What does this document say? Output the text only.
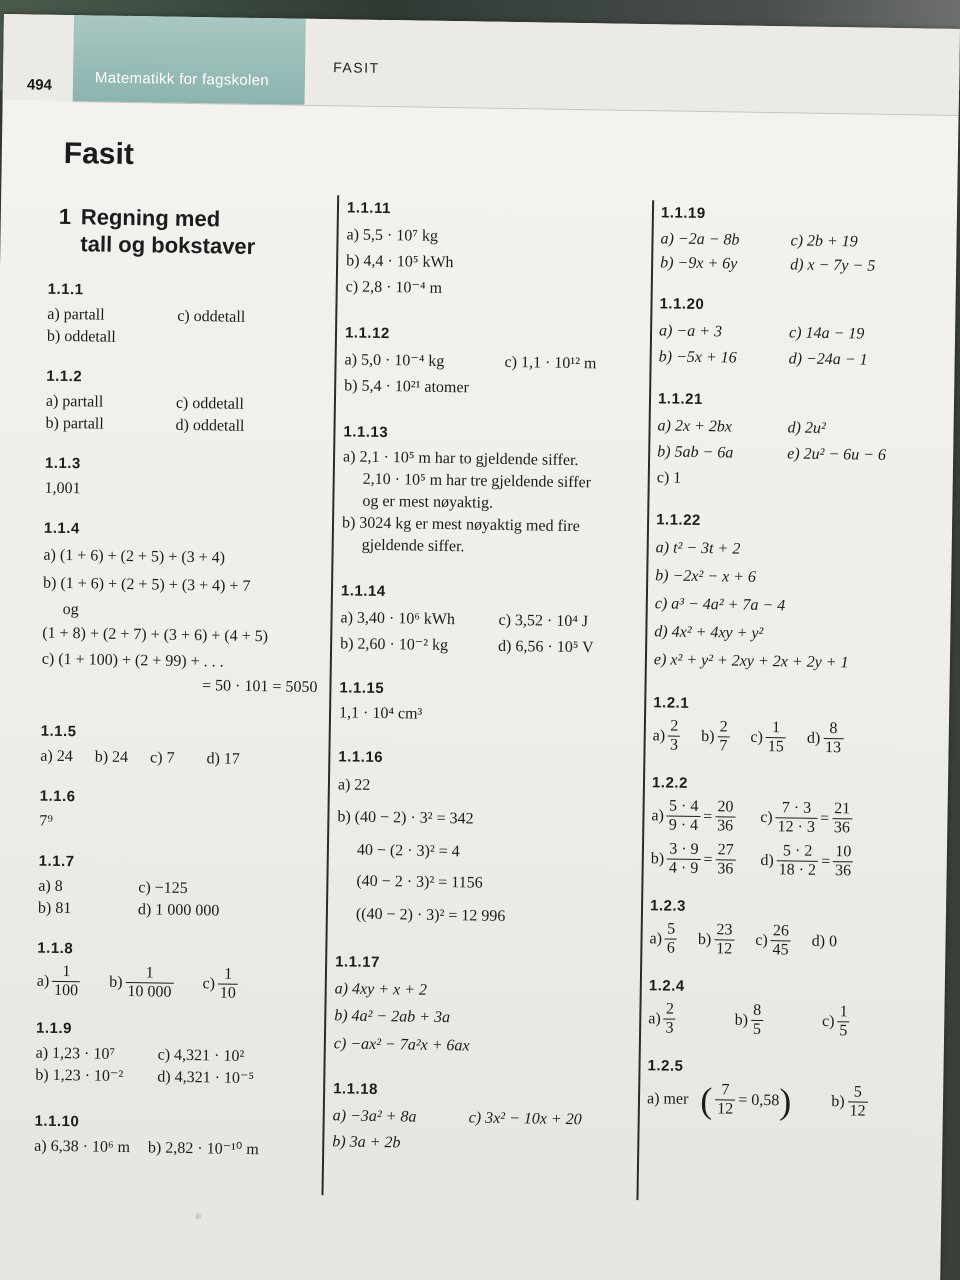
494	Matematikk for fagskolen
FASIT
Fasit
1 Regning med
tall og bokstaver
1.1.1
a) partall	c) oddetall
b) oddetall
1.1.2
a) partall	c) oddetall
b) partall	d) oddetall
1.1.3
1,001
1.1.4
a) (1 + 6) + (2 + 5) + (3 + 4)
b) (1 + 6) + (2 + 5) + (3 + 4) + 7
og
(1 + 8) + (2 + 7) + (3 + 6) + (4 + 5)
c) (1 + 100) + (2 + 99) + . . .
= 50 · 101 = 5050
1.1.5
a) 24 b) 24 c) 7 d) 17
1.1.6
7⁹
1.1.7
a) 8	c) −125
b) 81	d) 1 000 000
1.1.8
$a) \frac{1}{100} b) \frac{1}{10 000} c) \frac{1}{10}$
1.1.9
a) 1,23 · 10⁷	c) 4,321 · 10²
b) 1,23 · 10⁻²	d) 4,321 · 10⁻⁵
1.1.10
a) 6,38 · 10⁶ m b) 2,82 · 10⁻¹⁰ m
1.1.11
a) 5,5 · 10⁷ kg
b) 4,4 · 10⁵ kWh
c) 2,8 · 10⁻⁴ m
1.1.12
a) 5,0 · 10⁻⁴ kg	c) 1,1 · 10¹² m
b) 5,4 · 10²¹ atomer
1.1.13
a) 2,1 · 10⁵ m har to gjeldende siffer.
2,10 · 10⁵ m har tre gjeldende siffer
og er mest nøyaktig.
b) 3024 kg er mest nøyaktig med fire
gjeldende siffer.
1.1.14
a) 3,40 · 10⁶ kWh	c) 3,52 · 10⁴ J
b) 2,60 · 10⁻² kg	d) 6,56 · 10⁵ V
1.1.15
1,1 · 10⁴ cm³
1.1.16
a) 22
b) (40 − 2) · 3² = 342
40 − (2 · 3)² = 4
(40 − 2 · 3)² = 1156
((40 − 2) · 3)² = 12 996
1.1.17
a) 4xy + x + 2
b) 4a² − 2ab + 3a
c) −ax² − 7a²x + 6ax
1.1.18
a) −3a² + 8a	c) 3x² − 10x + 20
b) 3a + 2b
1.1.19
a) −2a − 8b	c) 2b + 19
b) −9x + 6y	d) x − 7y − 5
1.1.20
a) −a + 3	c) 14a − 19
b) −5x + 16	d) −24a − 1
1.1.21
a) 2x + 2bx	d) 2u²
b) 5ab − 6a	e) 2u² − 6u − 6
c) 1
1.1.22
a) t² − 3t + 2
b) −2x² − x + 6
c) a³ − 4a² + 7a − 4
d) 4x² + 4xy + y²
e) x² + y² + 2xy + 2x + 2y + 1
1.2.1
$a) \frac{2}{3} b) \frac{2}{7} c) \frac{1}{15} d) \frac{8}{13}$
1.2.2
$a) \frac{5 \cdot 4}{9 \cdot 4} = \frac{20}{36} c) \frac{7 \cdot 3}{12 \cdot 3} = \frac{21}{36}$
$b) \frac{3 \cdot 9}{4 \cdot 9} = \frac{27}{36} d) \frac{5 \cdot 2}{18 \cdot 2} = \frac{10}{36}$
1.2.3
$a) \frac{5}{6} b) \frac{23}{12} c) \frac{26}{45} d$) 0
1.2.4
$a) \frac{2}{3}$	$b) \frac{8}{5}$	$c) \frac{1}{5}$
1.2.5
a) mer ( $\frac{7}{12} = 0,58$ ) $b) \frac{5}{12}$
